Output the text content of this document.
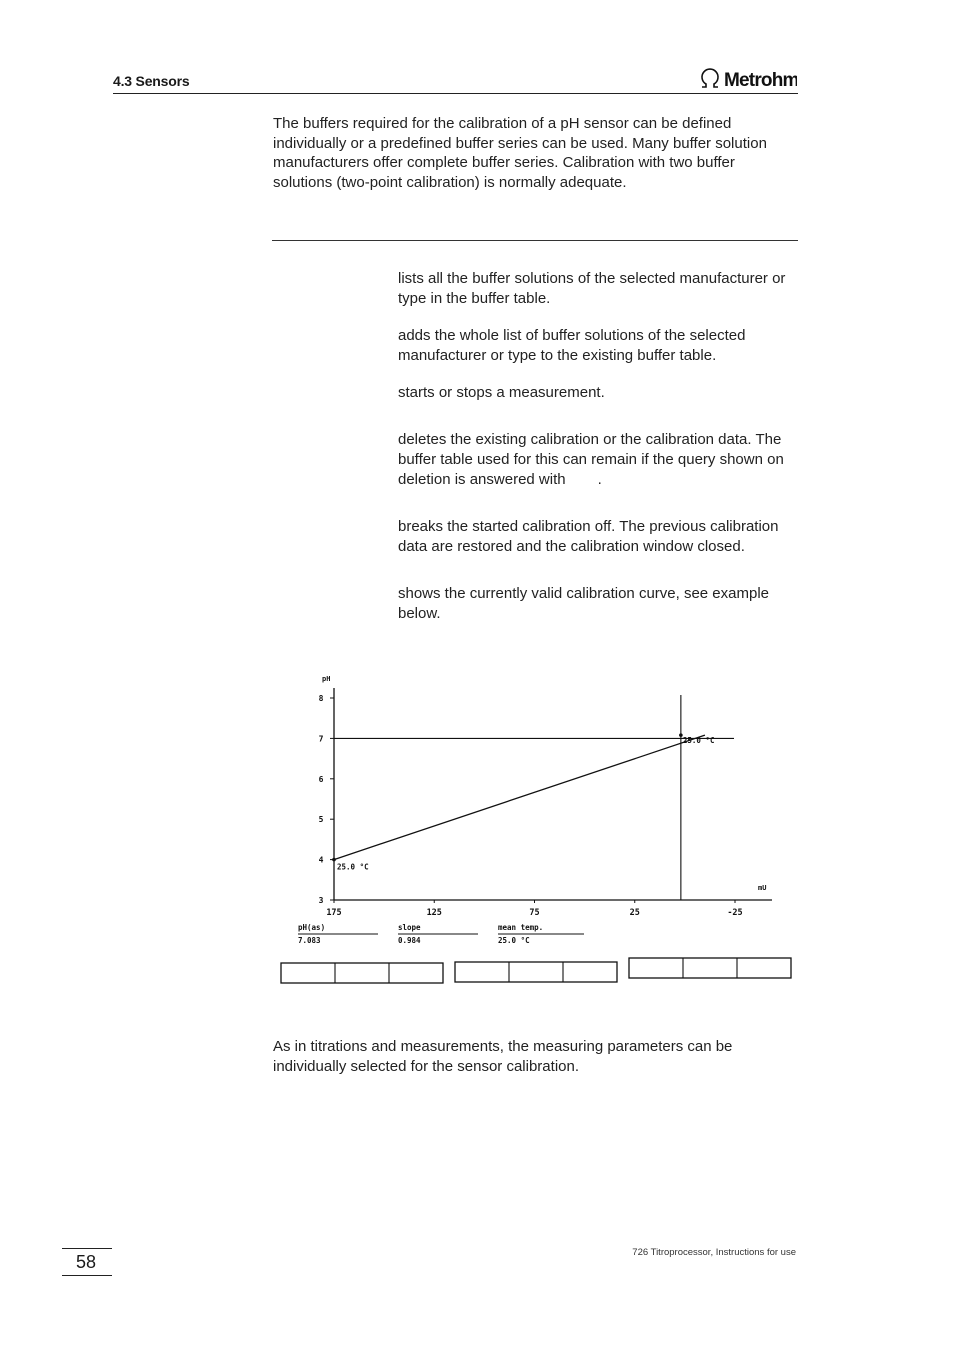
4.3 Sensors	Metrohm
The buffers required for the calibration of a pH sensor can be defined individually or a predefined buffer series can be used. Many buffer solution manufacturers offer complete buffer series. Calibration with two buffer solutions (two-point calibration) is normally adequate.
lists all the buffer solutions of the selected manufacturer or type in the buffer table.
adds the whole list of buffer solutions of the selected manufacturer or type to the existing buffer table.
starts or stops a measurement.
deletes the existing calibration or the calibration data. The buffer table used for this can remain if the query shown on deletion is answered with .
breaks the started calibration off. The previous calibration data are restored and the calibration window closed.
shows the currently valid calibration curve, see example below.
3
4
5
6
7
8
pH
175	125	75	25	-25
mU
25.0 °C
25.0 °C
pH(as)
7.083
slope
0.984
mean temp.
25.0 °C
As in titrations and measurements, the measuring parameters can be individually selected for the sensor calibration.
58	726 Titroprocessor, Instructions for use
